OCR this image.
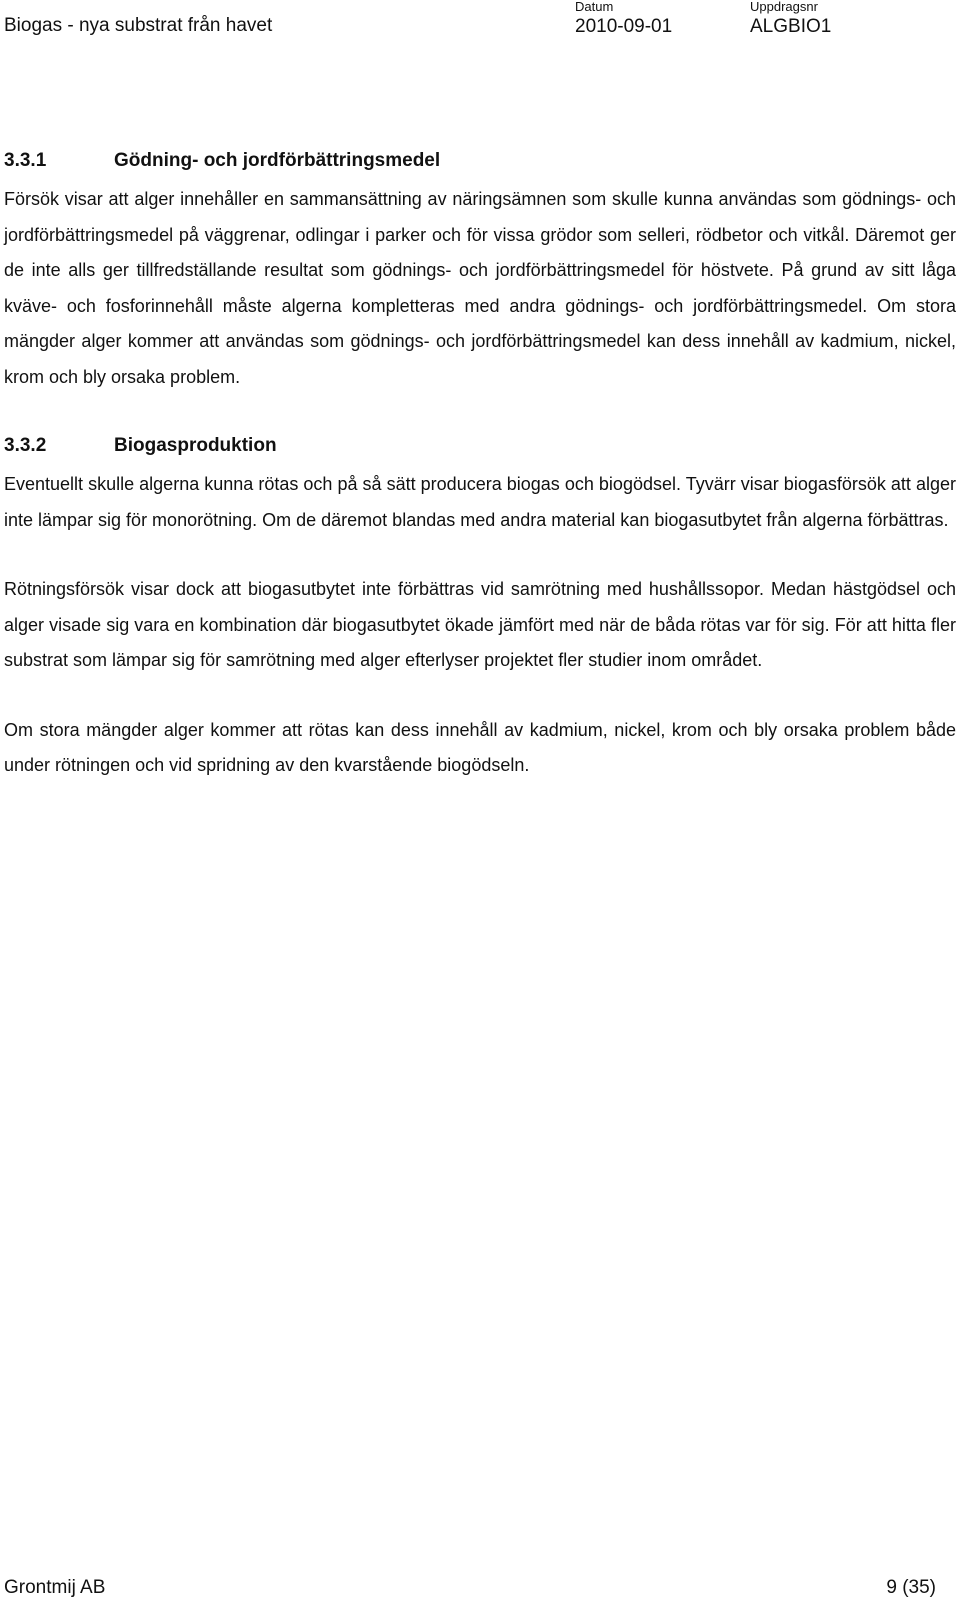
Biogas - nya substrat från havet
Datum
2010-09-01
Uppdragsnr
ALGBIO1
3.3.1	Gödning- och jordförbättringsmedel

Försök visar att alger innehåller en sammansättning av näringsämnen som skulle kunna användas som gödnings- och jordförbättringsmedel på väggrenar, odlingar i parker och för vissa grödor som selleri, rödbetor och vitkål. Däremot ger de inte alls ger tillfredställande resultat som gödnings- och jordförbättringsmedel för höstvete. På grund av sitt låga kväve- och fosforinnehåll måste algerna kompletteras med andra gödnings- och jordförbättringsmedel. Om stora mängder alger kommer att användas som gödnings- och jordförbättringsmedel kan dess innehåll av kadmium, nickel, krom och bly orsaka problem.

3.3.2	Biogasproduktion

Eventuellt skulle algerna kunna rötas och på så sätt producera biogas och biogödsel. Tyvärr visar biogasförsök att alger inte lämpar sig för monorötning. Om de däremot blandas med andra material kan biogasutbytet från algerna förbättras.

Rötningsförsök visar dock att biogasutbytet inte förbättras vid samrötning med hushållssopor. Medan hästgödsel och alger visade sig vara en kombination där biogasutbytet ökade jämfört med när de båda rötas var för sig. För att hitta fler substrat som lämpar sig för samrötning med alger efterlyser projektet fler studier inom området.

Om stora mängder alger kommer att rötas kan dess innehåll av kadmium, nickel, krom och bly orsaka problem både under rötningen och vid spridning av den kvarstående biogödseln.

Grontmij AB	9 (35)
